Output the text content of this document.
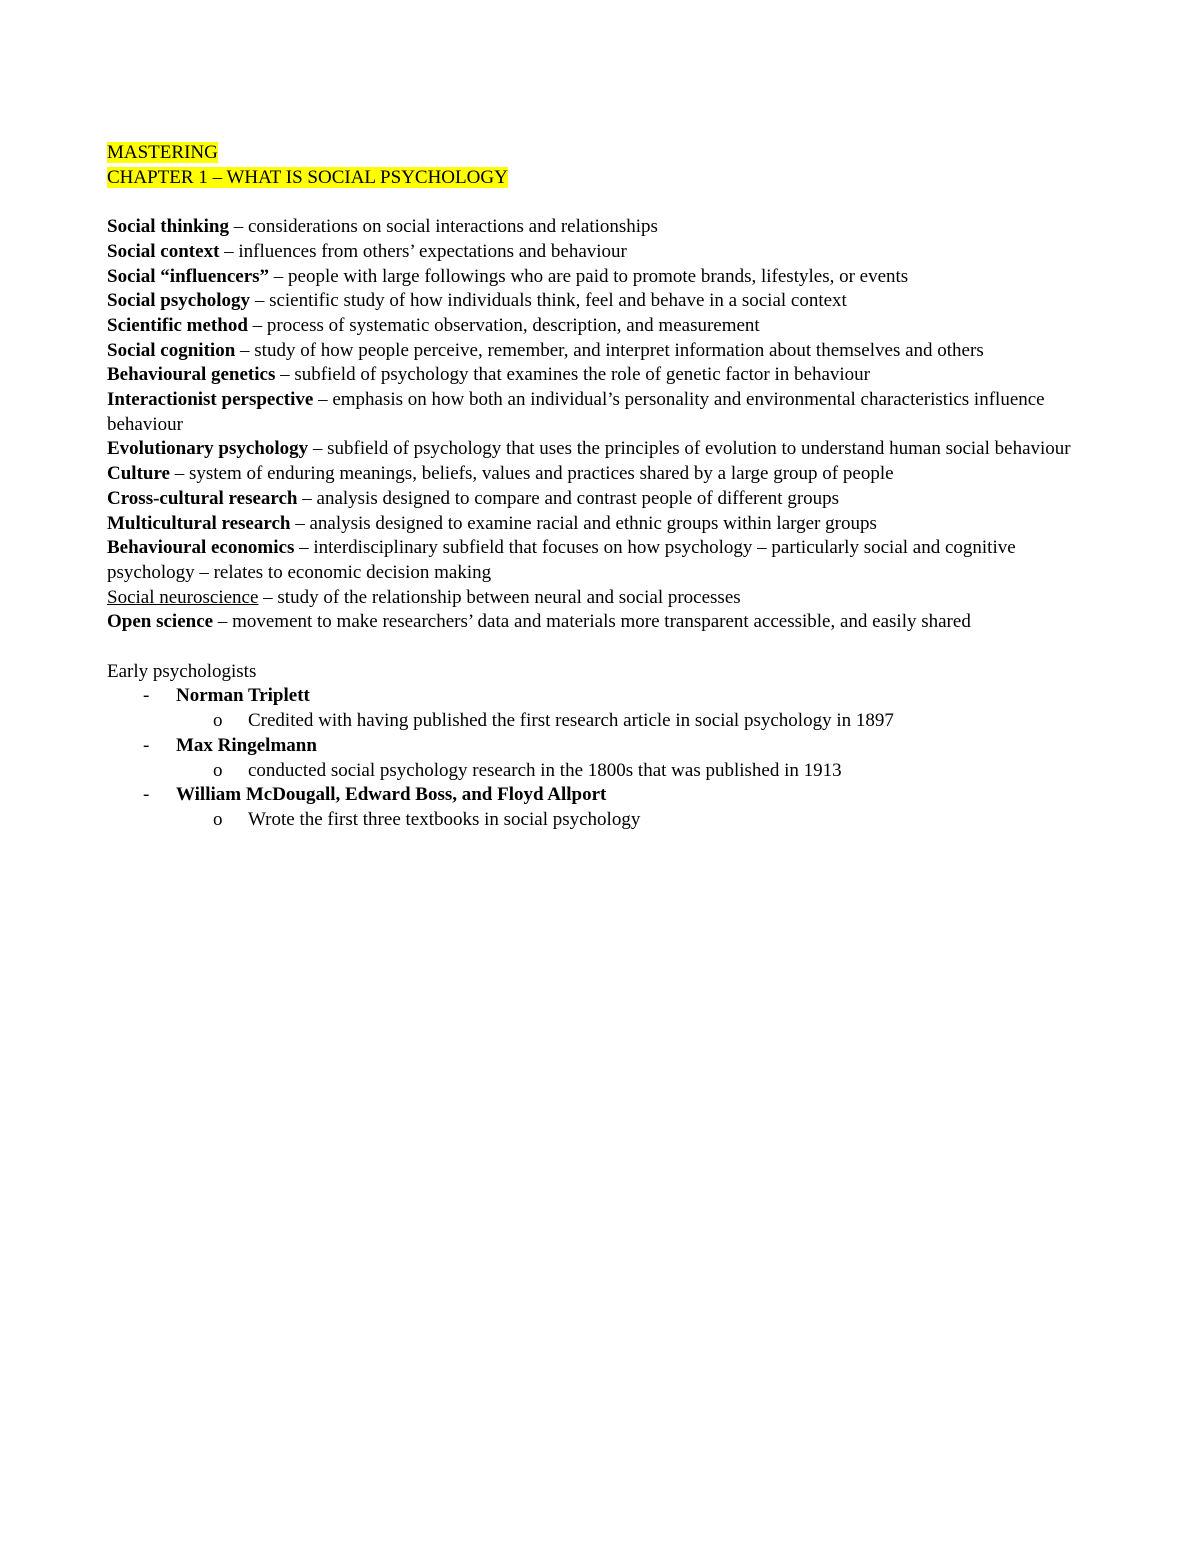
MASTERING
CHAPTER 1 – WHAT IS SOCIAL PSYCHOLOGY
Social thinking – considerations on social interactions and relationships
Social context – influences from others’ expectations and behaviour
Social “influencers” – people with large followings who are paid to promote brands, lifestyles, or events
Social psychology – scientific study of how individuals think, feel and behave in a social context
Scientific method – process of systematic observation, description, and measurement
Social cognition – study of how people perceive, remember, and interpret information about themselves and others
Behavioural genetics – subfield of psychology that examines the role of genetic factor in behaviour
Interactionist perspective – emphasis on how both an individual’s personality and environmental characteristics influence behaviour
Evolutionary psychology – subfield of psychology that uses the principles of evolution to understand human social behaviour
Culture – system of enduring meanings, beliefs, values and practices shared by a large group of people
Cross-cultural research – analysis designed to compare and contrast people of different groups
Multicultural research – analysis designed to examine racial and ethnic groups within larger groups
Behavioural economics – interdisciplinary subfield that focuses on how psychology – particularly social and cognitive psychology – relates to economic decision making
Social neuroscience – study of the relationship between neural and social processes
Open science – movement to make researchers’ data and materials more transparent accessible, and easily shared
Early psychologists
- Norman Triplett
o Credited with having published the first research article in social psychology in 1897
- Max Ringelmann
o conducted social psychology research in the 1800s that was published in 1913
- William McDougall, Edward Boss, and Floyd Allport
o Wrote the first three textbooks in social psychology
